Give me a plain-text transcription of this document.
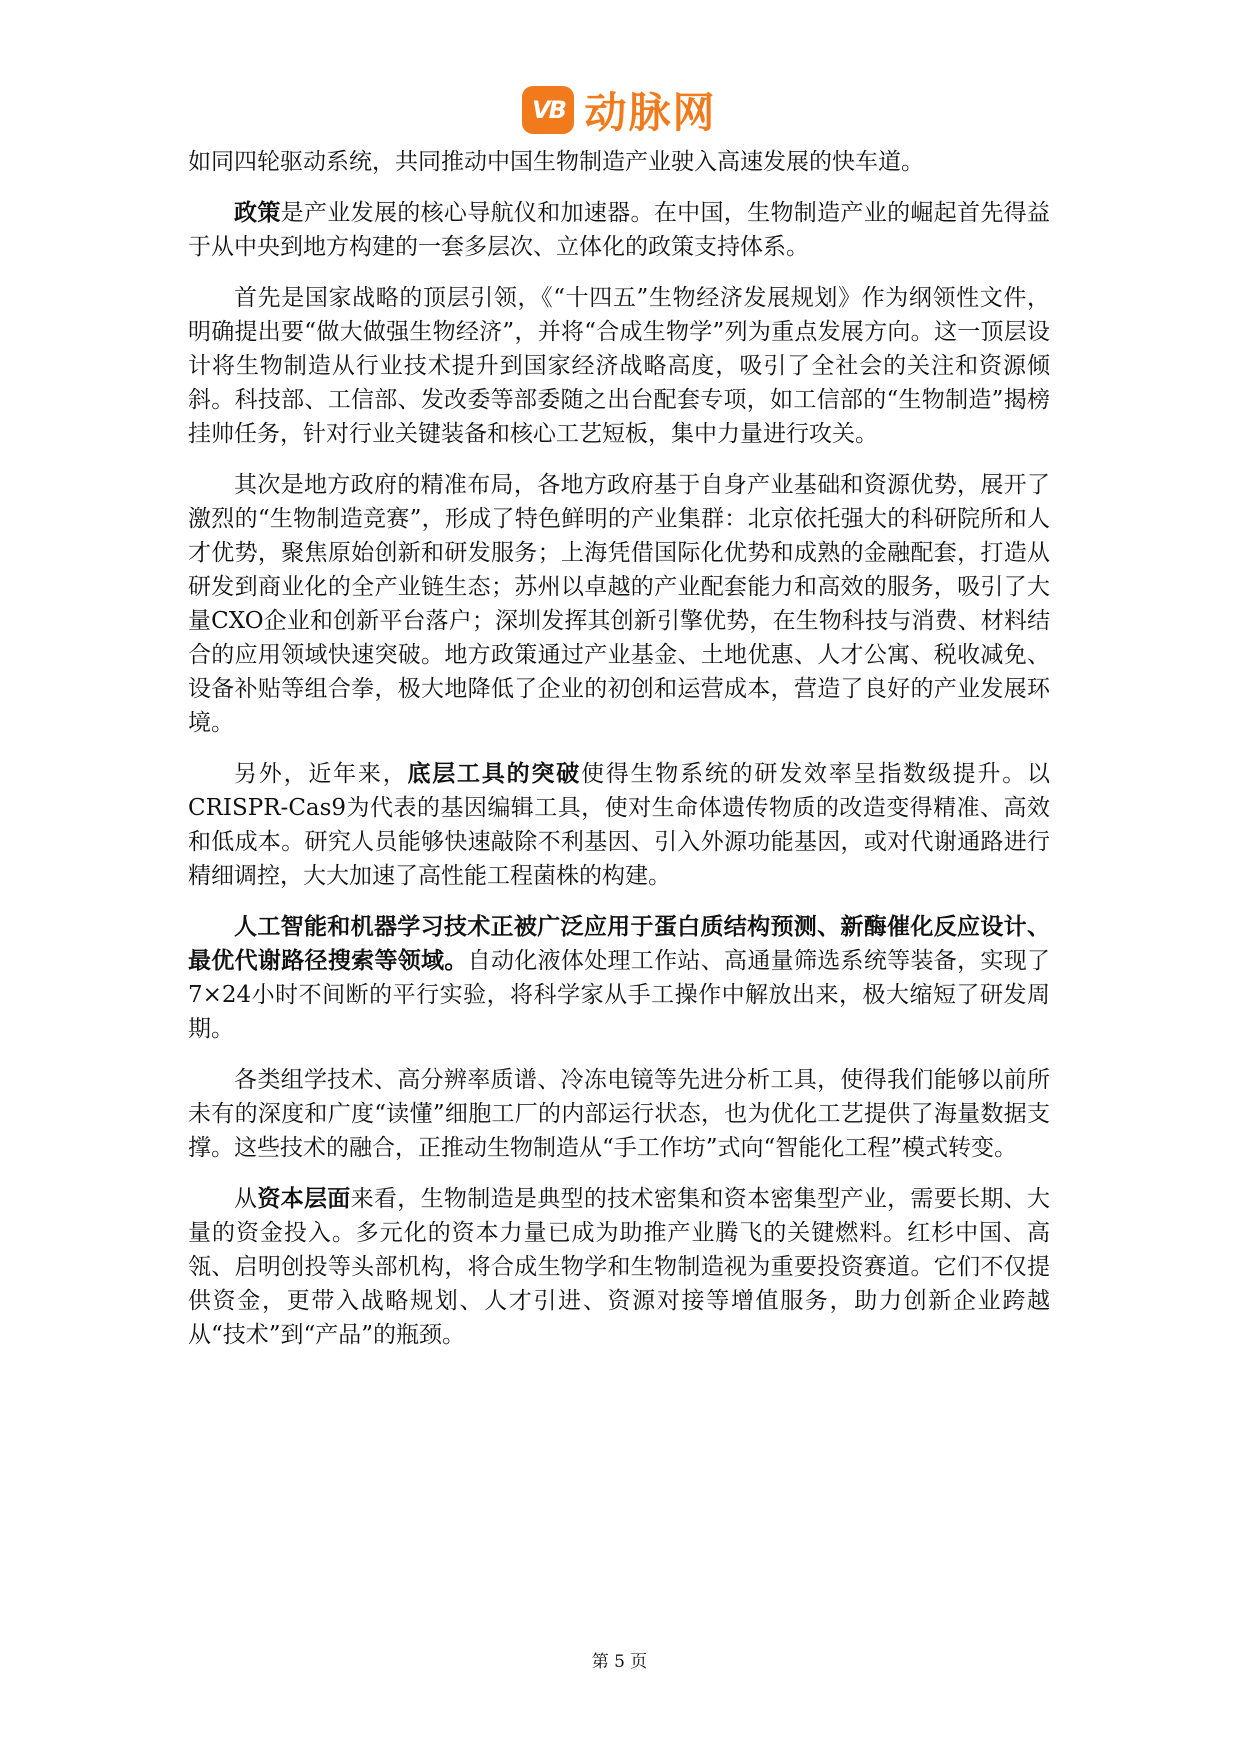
VB 动脉网

如同四轮驱动系统，共同推动中国生物制造产业驶入高速发展的快车道。

政策是产业发展的核心导航仪和加速器。在中国，生物制造产业的崛起首先得益于从中央到地方构建的一套多层次、立体化的政策支持体系。

首先是国家战略的顶层引领，《“十四五”生物经济发展规划》作为纲领性文件，明确提出要“做大做强生物经济”，并将“合成生物学”列为重点发展方向。这一顶层设计将生物制造从行业技术提升到国家经济战略高度，吸引了全社会的关注和资源倾斜。科技部、工信部、发改委等部委随之出台配套专项，如工信部的“生物制造”揭榜挂帅任务，针对行业关键装备和核心工艺短板，集中力量进行攻关。

其次是地方政府的精准布局，各地方政府基于自身产业基础和资源优势，展开了激烈的“生物制造竞赛”，形成了特色鲜明的产业集群：北京依托强大的科研院所和人才优势，聚焦原始创新和研发服务；上海凭借国际化优势和成熟的金融配套，打造从研发到商业化的全产业链生态；苏州以卓越的产业配套能力和高效的服务，吸引了大量CXO企业和创新平台落户；深圳发挥其创新引擎优势，在生物科技与消费、材料结合的应用领域快速突破。地方政策通过产业基金、土地优惠、人才公寓、税收减免、设备补贴等组合拳，极大地降低了企业的初创和运营成本，营造了良好的产业发展环境。

另外，近年来，底层工具的突破使得生物系统的研发效率呈指数级提升。以CRISPR-Cas9为代表的基因编辑工具，使对生命体遗传物质的改造变得精准、高效和低成本。研究人员能够快速敲除不利基因、引入外源功能基因，或对代谢通路进行精细调控，大大加速了高性能工程菌株的构建。

人工智能和机器学习技术正被广泛应用于蛋白质结构预测、新酶催化反应设计、最优代谢路径搜索等领域。自动化液体处理工作站、高通量筛选系统等装备，实现了7×24小时不间断的平行实验，将科学家从手工操作中解放出来，极大缩短了研发周期。

各类组学技术、高分辨率质谱、冷冻电镜等先进分析工具，使得我们能够以前所未有的深度和广度“读懂”细胞工厂的内部运行状态，也为优化工艺提供了海量数据支撑。这些技术的融合，正推动生物制造从“手工作坊”式向“智能化工程”模式转变。

从资本层面来看，生物制造是典型的技术密集和资本密集型产业，需要长期、大量的资金投入。多元化的资本力量已成为助推产业腾飞的关键燃料。红杉中国、高瓴、启明创投等头部机构，将合成生物学和生物制造视为重要投资赛道。它们不仅提供资金，更带入战略规划、人才引进、资源对接等增值服务，助力创新企业跨越从“技术”到“产品”的瓶颈。

第 5 页
